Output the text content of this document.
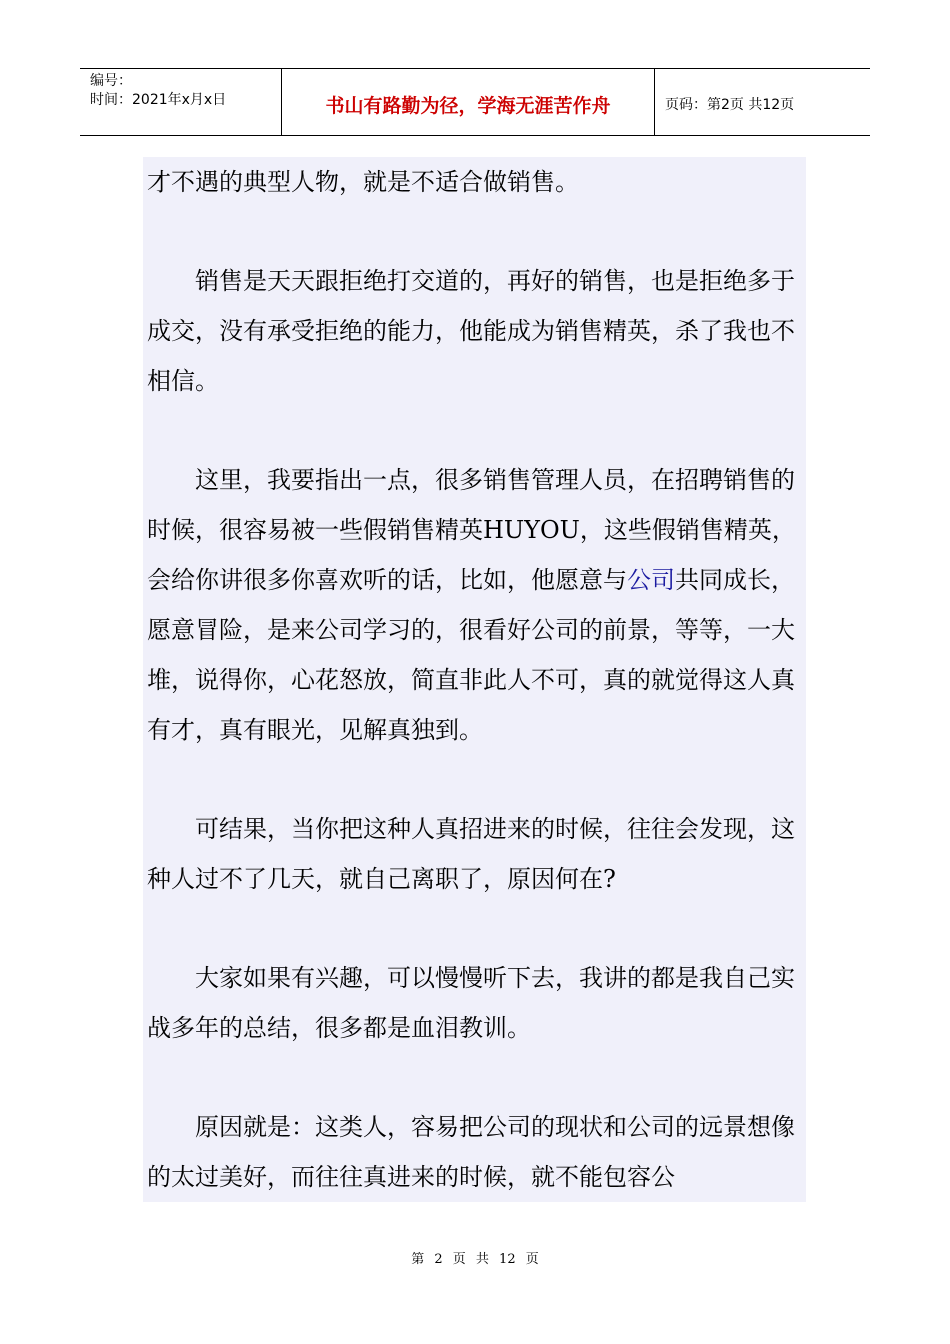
编号：
时间：2021年x月x日	书山有路勤为径，学海无涯苦作舟	页码：第2页 共12页

才不遇的典型人物，就是不适合做销售。

销售是天天跟拒绝打交道的，再好的销售，也是拒绝多于成交，没有承受拒绝的能力，他能成为销售精英，杀了我也不相信。

这里，我要指出一点，很多销售管理人员，在招聘销售的时候，很容易被一些假销售精英HUYOU，这些假销售精英，会给你讲很多你喜欢听的话，比如，他愿意与公司共同成长，愿意冒险，是来公司学习的，很看好公司的前景，等等，一大堆，说得你，心花怒放，简直非此人不可，真的就觉得这人真有才，真有眼光，见解真独到。

可结果，当你把这种人真招进来的时候，往往会发现，这种人过不了几天，就自己离职了，原因何在?

大家如果有兴趣，可以慢慢听下去，我讲的都是我自己实战多年的总结，很多都是血泪教训。

原因就是：这类人，容易把公司的现状和公司的远景想像的太过美好，而往往真进来的时候，就不能包容公

第 2 页 共 12 页
